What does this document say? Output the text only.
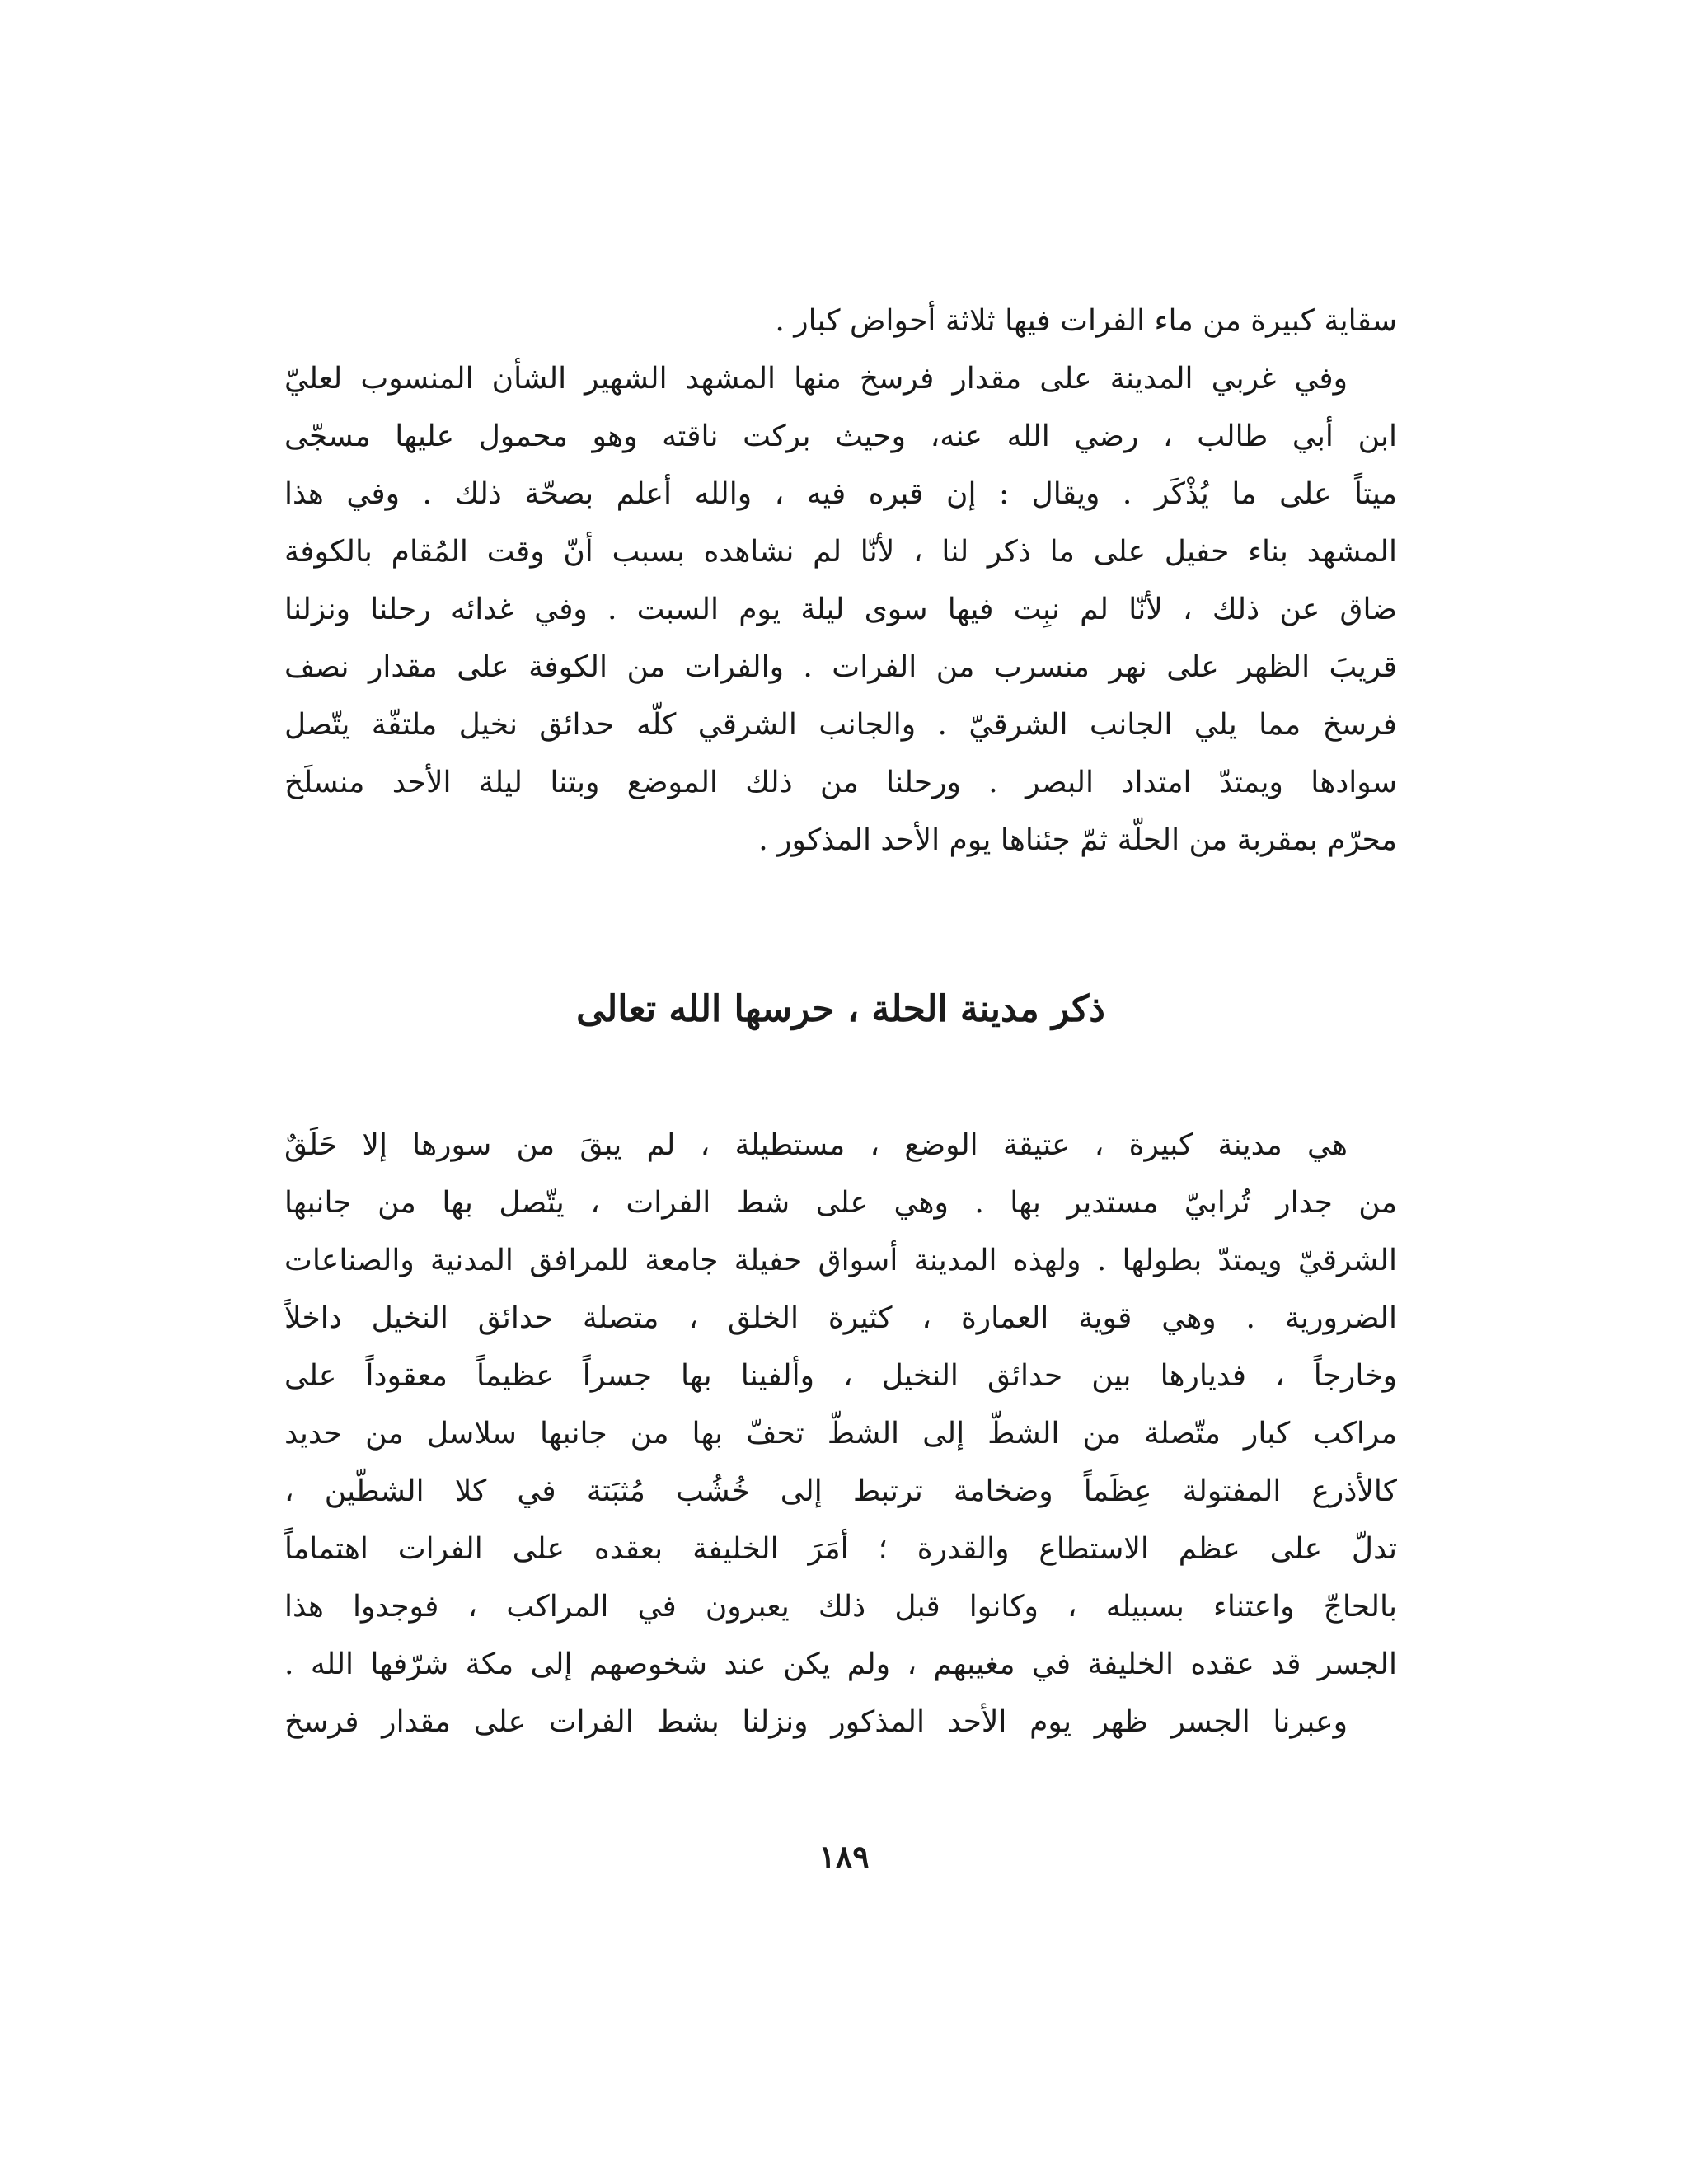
سقاية كبيرة من ماء الفرات فيها ثلاثة أحواض كبار .
وفي غربي المدينة على مقدار فرسخ منها المشهد الشهير الشأن المنسوب لعليّ
ابن أبي طالب ، رضي الله عنه، وحيث بركت ناقته وهو محمول عليها مسجّى
ميتاً على ما يُذْكَر . ويقال : إن قبره فيه ، والله أعلم بصحّة ذلك . وفي هذا
المشهد بناء حفيل على ما ذكر لنا ، لأنّا لم نشاهده بسبب أنّ وقت المُقام بالكوفة
ضاق عن ذلك ، لأنّا لم نبِت فيها سوى ليلة يوم السبت . وفي غدائه رحلنا ونزلنا
قريبَ الظهر على نهر منسرب من الفرات . والفرات من الكوفة على مقدار نصف
فرسخ مما يلي الجانب الشرقيّ . والجانب الشرقي كلّه حدائق نخيل ملتفّة يتّصل
سوادها ويمتدّ امتداد البصر . ورحلنا من ذلك الموضع وبتنا ليلة الأحد منسلَخ
محرّم بمقربة من الحلّة ثمّ جئناها يوم الأحد المذكور .
ذكر مدينة الحلة ، حرسها الله تعالى
هي مدينة كبيرة ، عتيقة الوضع ، مستطيلة ، لم يبقَ من سورها إلا حَلَقٌ
من جدار تُرابيّ مستدير بها . وهي على شط الفرات ، يتّصل بها من جانبها
الشرقيّ ويمتدّ بطولها . ولهذه المدينة أسواق حفيلة جامعة للمرافق المدنية والصناعات
الضرورية . وهي قوية العمارة ، كثيرة الخلق ، متصلة حدائق النخيل داخلاً
وخارجاً ، فديارها بين حدائق النخيل ، وألفينا بها جسراً عظيماً معقوداً على
مراكب كبار متّصلة من الشطّ إلى الشطّ تحفّ بها من جانبها سلاسل من حديد
كالأذرع المفتولة عِظَماً وضخامة ترتبط إلى خُشُب مُثبَتة في كلا الشطّين ،
تدلّ على عظم الاستطاع والقدرة ؛ أمَرَ الخليفة بعقده على الفرات اهتماماً
بالحاجّ واعتناء بسبيله ، وكانوا قبل ذلك يعبرون في المراكب ، فوجدوا هذا
الجسر قد عقده الخليفة في مغيبهم ، ولم يكن عند شخوصهم إلى مكة شرّفها الله .
وعبرنا الجسر ظهر يوم الأحد المذكور ونزلنا بشط الفرات على مقدار فرسخ
١٨٩
